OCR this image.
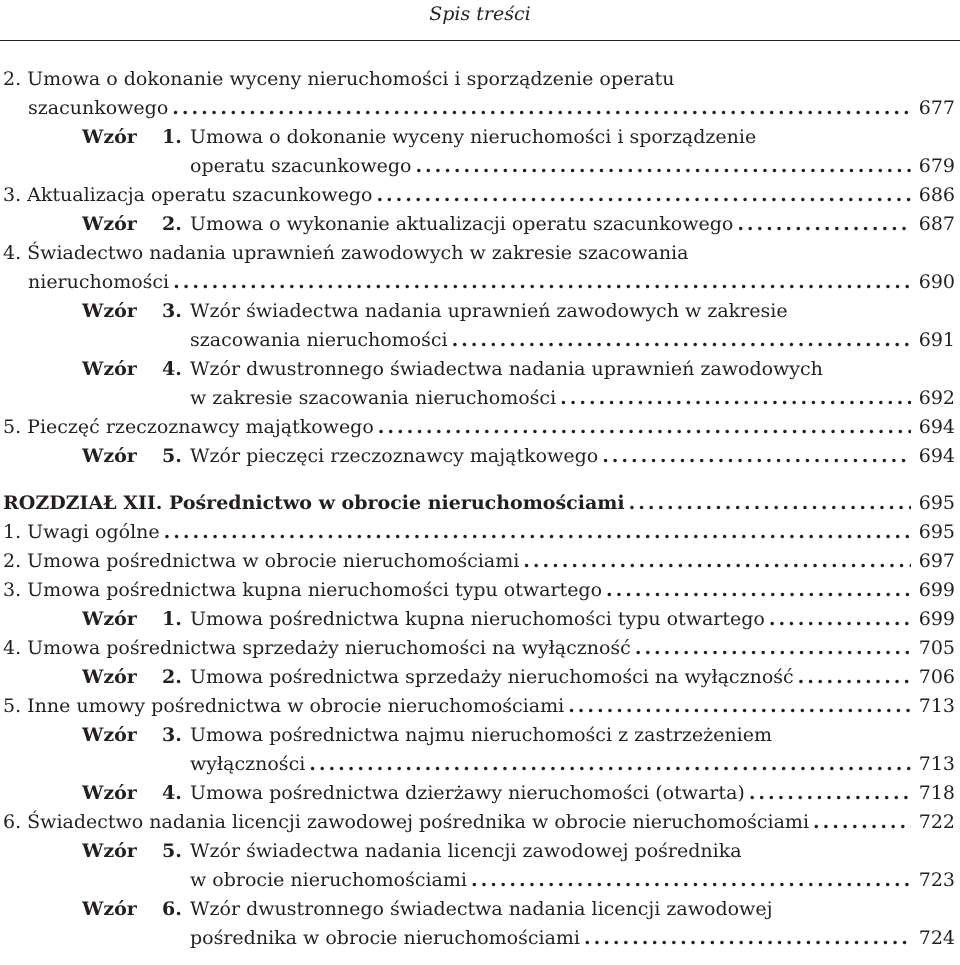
Spis treści
2. Umowa o dokonanie wyceny nieruchomości i sporządzenie operatu
szacunkowego .....	677
Wzór 1. Umowa o dokonanie wyceny nieruchomości i sporządzenie
operatu szacunkowego .....	679
3. Aktualizacja operatu szacunkowego .....	686
Wzór 2. Umowa o wykonanie aktualizacji operatu szacunkowego .....	687
4. Świadectwo nadania uprawnień zawodowych w zakresie szacowania
nieruchomości .....	690
Wzór 3. Wzór świadectwa nadania uprawnień zawodowych w zakresie
szacowania nieruchomości .....	691
Wzór 4. Wzór dwustronnego świadectwa nadania uprawnień zawodowych
w zakresie szacowania nieruchomości .....	692
5. Pieczęć rzeczoznawcy majątkowego .....	694
Wzór 5. Wzór pieczęci rzeczoznawcy majątkowego .....	694
ROZDZIAŁ XII. Pośrednictwo w obrocie nieruchomościami .....	695
1. Uwagi ogólne .....	695
2. Umowa pośrednictwa w obrocie nieruchomościami .....	697
3. Umowa pośrednictwa kupna nieruchomości typu otwartego .....	699
Wzór 1. Umowa pośrednictwa kupna nieruchomości typu otwartego .....	699
4. Umowa pośrednictwa sprzedaży nieruchomości na wyłączność .....	705
Wzór 2. Umowa pośrednictwa sprzedaży nieruchomości na wyłączność .....	706
5. Inne umowy pośrednictwa w obrocie nieruchomościami .....	713
Wzór 3. Umowa pośrednictwa najmu nieruchomości z zastrzeżeniem
wyłączności .....	713
Wzór 4. Umowa pośrednictwa dzierżawy nieruchomości (otwarta) .....	718
6. Świadectwo nadania licencji zawodowej pośrednika w obrocie nieruchomościami .....	722
Wzór 5. Wzór świadectwa nadania licencji zawodowej pośrednika
w obrocie nieruchomościami .....	723
Wzór 6. Wzór dwustronnego świadectwa nadania licencji zawodowej
pośrednika w obrocie nieruchomościami .....	724
